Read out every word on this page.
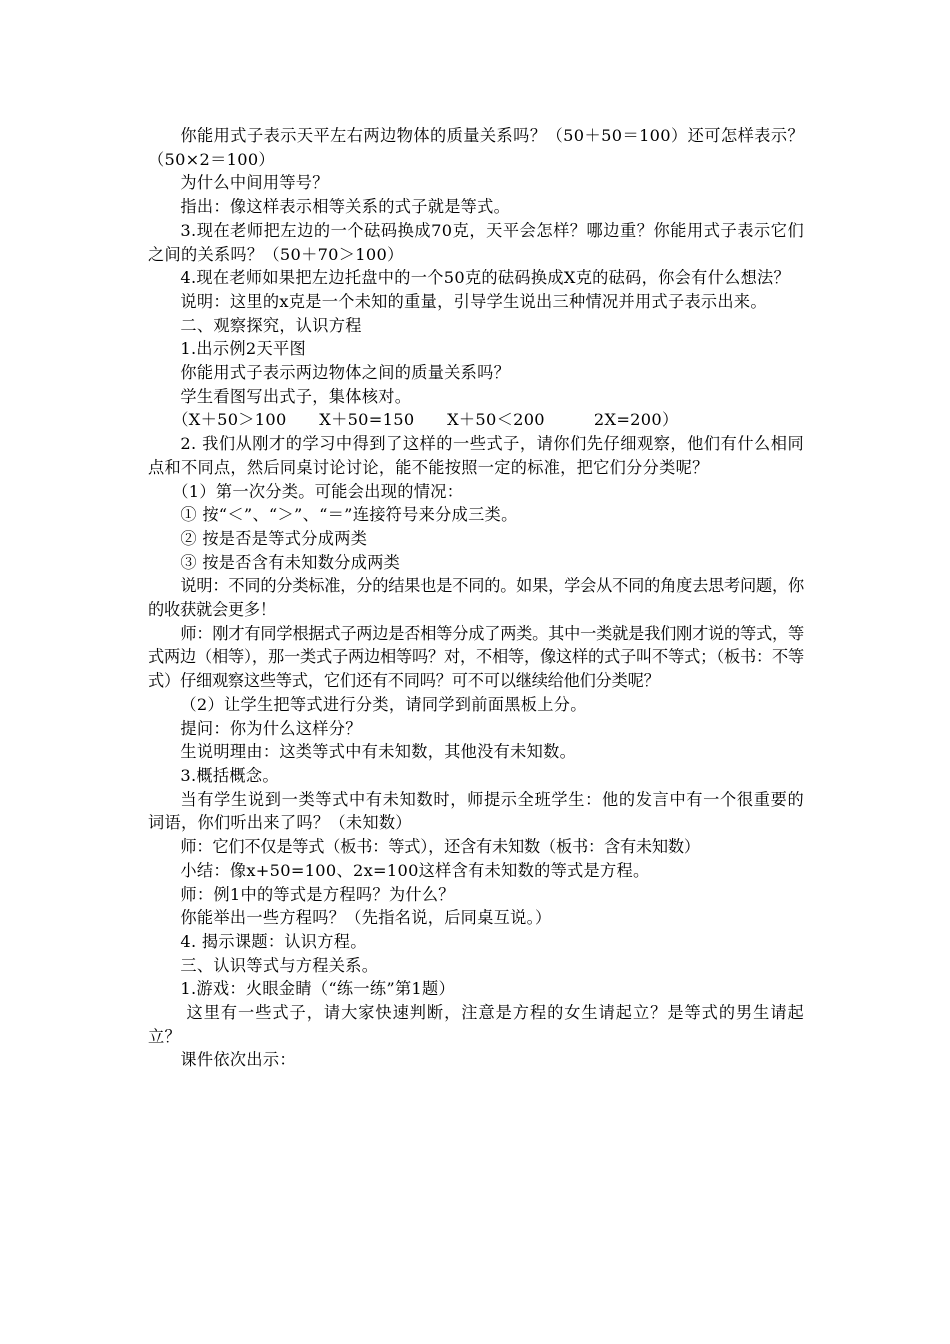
你能用式子表示天平左右两边物体的质量关系吗？（50＋50＝100）还可怎样表示？（50×2＝100）

为什么中间用等号？

指出：像这样表示相等关系的式子就是等式。

3.现在老师把左边的一个砝码换成70克，天平会怎样？哪边重？你能用式子表示它们之间的关系吗？（50＋70＞100）

4.现在老师如果把左边托盘中的一个50克的砝码换成X克的砝码，你会有什么想法？

说明：这里的x克是一个未知的重量，引导学生说出三种情况并用式子表示出来。

二、观察探究，认识方程

1.出示例2天平图

你能用式子表示两边物体之间的质量关系吗？

学生看图写出式子，集体核对。

（X＋50＞100      X＋50=150      X＋50＜200         2X=200）

2. 我们从刚才的学习中得到了这样的一些式子，请你们先仔细观察，他们有什么相同点和不同点，然后同桌讨论讨论，能不能按照一定的标准，把它们分分类呢？

（1）第一次分类。可能会出现的情况：

① 按“＜”、“＞”、“＝”连接符号来分成三类。

② 按是否是等式分成两类

③ 按是否含有未知数分成两类

说明：不同的分类标准，分的结果也是不同的。如果，学会从不同的角度去思考问题，你的收获就会更多！

师：刚才有同学根据式子两边是否相等分成了两类。其中一类就是我们刚才说的等式，等式两边（相等），那一类式子两边相等吗？对，不相等，像这样的式子叫不等式；（板书：不等式）仔细观察这些等式，它们还有不同吗？可不可以继续给他们分类呢？

（2）让学生把等式进行分类，请同学到前面黑板上分。

提问：你为什么这样分？

生说明理由：这类等式中有未知数，其他没有未知数。

3.概括概念。

当有学生说到一类等式中有未知数时，师提示全班学生：他的发言中有一个很重要的词语，你们听出来了吗？（未知数）

师：它们不仅是等式（板书：等式），还含有未知数（板书：含有未知数）

小结：像x+50=100、2x=100这样含有未知数的等式是方程。

师：例1中的等式是方程吗？为什么？

你能举出一些方程吗？（先指名说，后同桌互说。）

4. 揭示课题：认识方程。

三、认识等式与方程关系。

1.游戏：火眼金睛（“练一练”第1题）

这里有一些式子，请大家快速判断，注意是方程的女生请起立？是等式的男生请起立？

课件依次出示：
